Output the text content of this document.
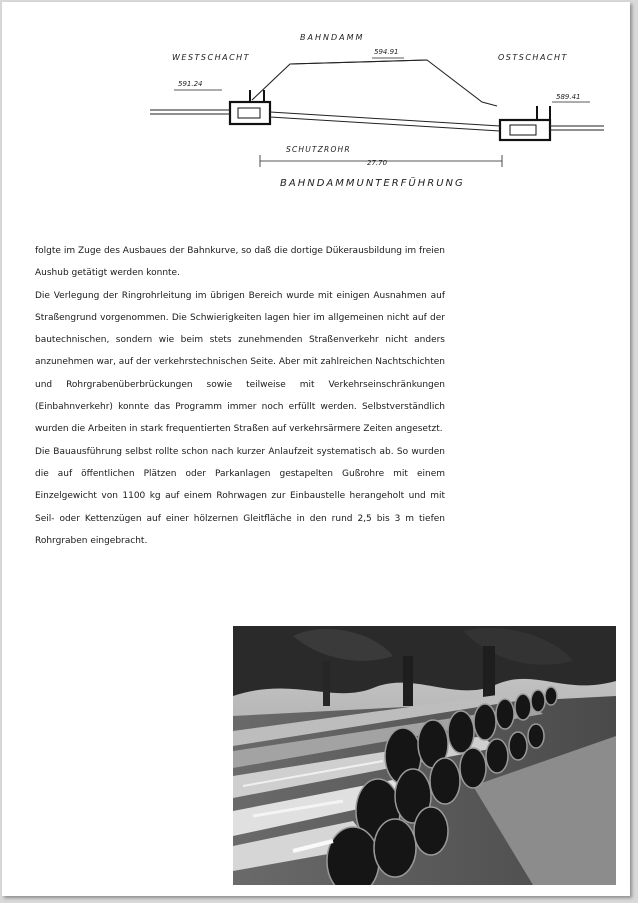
BAHNDAMM
WESTSCHACHT	OSTSCHACHT
594.91
591.24
589.41
SCHUTZROHR
27.70
BAHNDAMMUNTERFÜHRUNG

folgte im Zuge des Ausbaues der Bahnkurve, so daß die dortige Dükerausbildung im freien Aushub getätigt werden konnte.

Die Verlegung der Ringrohrleitung im übrigen Bereich wurde mit einigen Ausnahmen auf Straßengrund vorgenommen. Die Schwierigkeiten lagen hier im allgemeinen nicht auf der bautechnischen, sondern wie beim stets zunehmenden Straßenverkehr nicht anders anzunehmen war, auf der verkehrstechnischen Seite. Aber mit zahlreichen Nachtschichten und Rohrgrabenüberbrückungen sowie teilweise mit Verkehrseinschränkungen (Einbahnverkehr) konnte das Programm immer noch erfüllt werden. Selbstverständlich wurden die Arbeiten in stark frequentierten Straßen auf verkehrsärmere Zeiten angesetzt.

Die Bauausführung selbst rollte schon nach kurzer Anlaufzeit systematisch ab. So wurden die auf öffentlichen Plätzen oder Parkanlagen gestapelten Gußrohre mit einem Einzelgewicht von 1100 kg auf einem Rohrwagen zur Einbaustelle herangeholt und mit Seil- oder Kettenzügen auf einer hölzernen Gleitfläche in den rund 2,5 bis 3 m tiefen Rohrgraben eingebracht.
